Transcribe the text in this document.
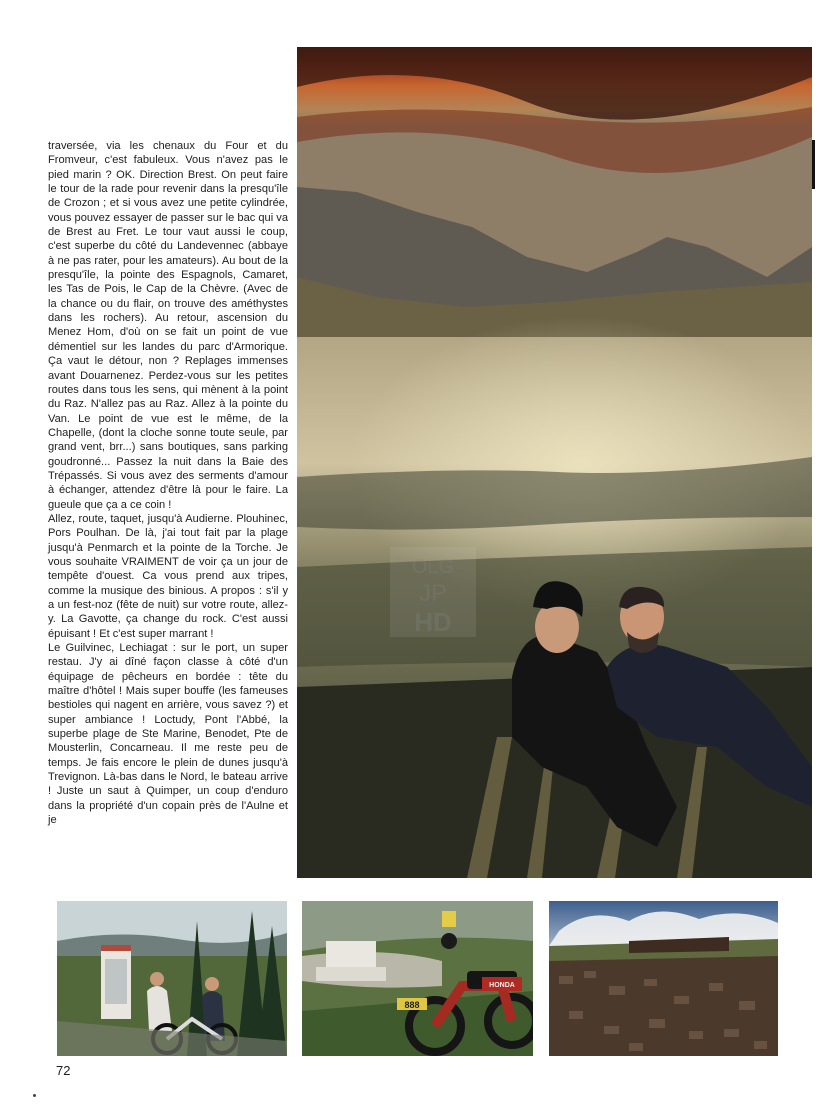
traversée, via les chenaux du Four et du Fromveur, c'est fabuleux. Vous n'avez pas le pied marin ? OK. Direction Brest. On peut faire le tour de la rade pour revenir dans la presqu'île de Crozon ; et si vous avez une petite cylindrée, vous pouvez essayer de passer sur le bac qui va de Brest au Fret. Le tour vaut aussi le coup, c'est superbe du côté du Landevennec (abbaye à ne pas rater, pour les amateurs). Au bout de la presqu'île, la pointe des Espagnols, Camaret, les Tas de Pois, le Cap de la Chèvre. (Avec de la chance ou du flair, on trouve des améthystes dans les rochers). Au retour, ascension du Menez Hom, d'où on se fait un point de vue démentiel sur les landes du parc d'Armorique. Ça vaut le détour, non ? Replages immenses avant Douarnenez. Perdez-vous sur les petites routes dans tous les sens, qui mènent à la point du Raz. N'allez pas au Raz. Allez à la pointe du Van. Le point de vue est le même, de la Chapelle, (dont la cloche sonne toute seule, par grand vent, brr...) sans boutiques, sans parking goudronné... Passez la nuit dans la Baie des Trépassés. Si vous avez des serments d'amour à échanger, attendez d'être là pour le faire. La gueule que ça a ce coin !

Allez, route, taquet, jusqu'à Audierne. Plouhinec, Pors Poulhan. De là, j'ai tout fait par la plage jusqu'à Penmarch et la pointe de la Torche. Je vous souhaite VRAIMENT de voir ça un jour de tempête d'ouest. Ca vous prend aux tripes, comme la musique des binious. A propos : s'il y a un fest-noz (fête de nuit) sur votre route, allez-y. La Gavotte, ça change du rock. C'est aussi épuisant ! Et c'est super marrant !

Le Guilvinec, Lechiagat : sur le port, un super restau. J'y ai dîné façon classe à côté d'un équipage de pêcheurs en bordée : tête du maître d'hôtel ! Mais super bouffe (les fameuses bestioles qui nagent en arrière, vous savez ?) et super ambiance ! Loctudy, Pont l'Abbé, la superbe plage de Ste Marine, Benodet, Pte de Mousterlin, Concarneau. Il me reste peu de temps. Je fais encore le plein de dunes jusqu'à Trevignon. Là-bas dans le Nord, le bateau arrive ! Juste un saut à Quimper, un coup d'enduro dans la propriété d'un copain près de l'Aulne et je

OLG
JP
HD
888
HONDA
72
